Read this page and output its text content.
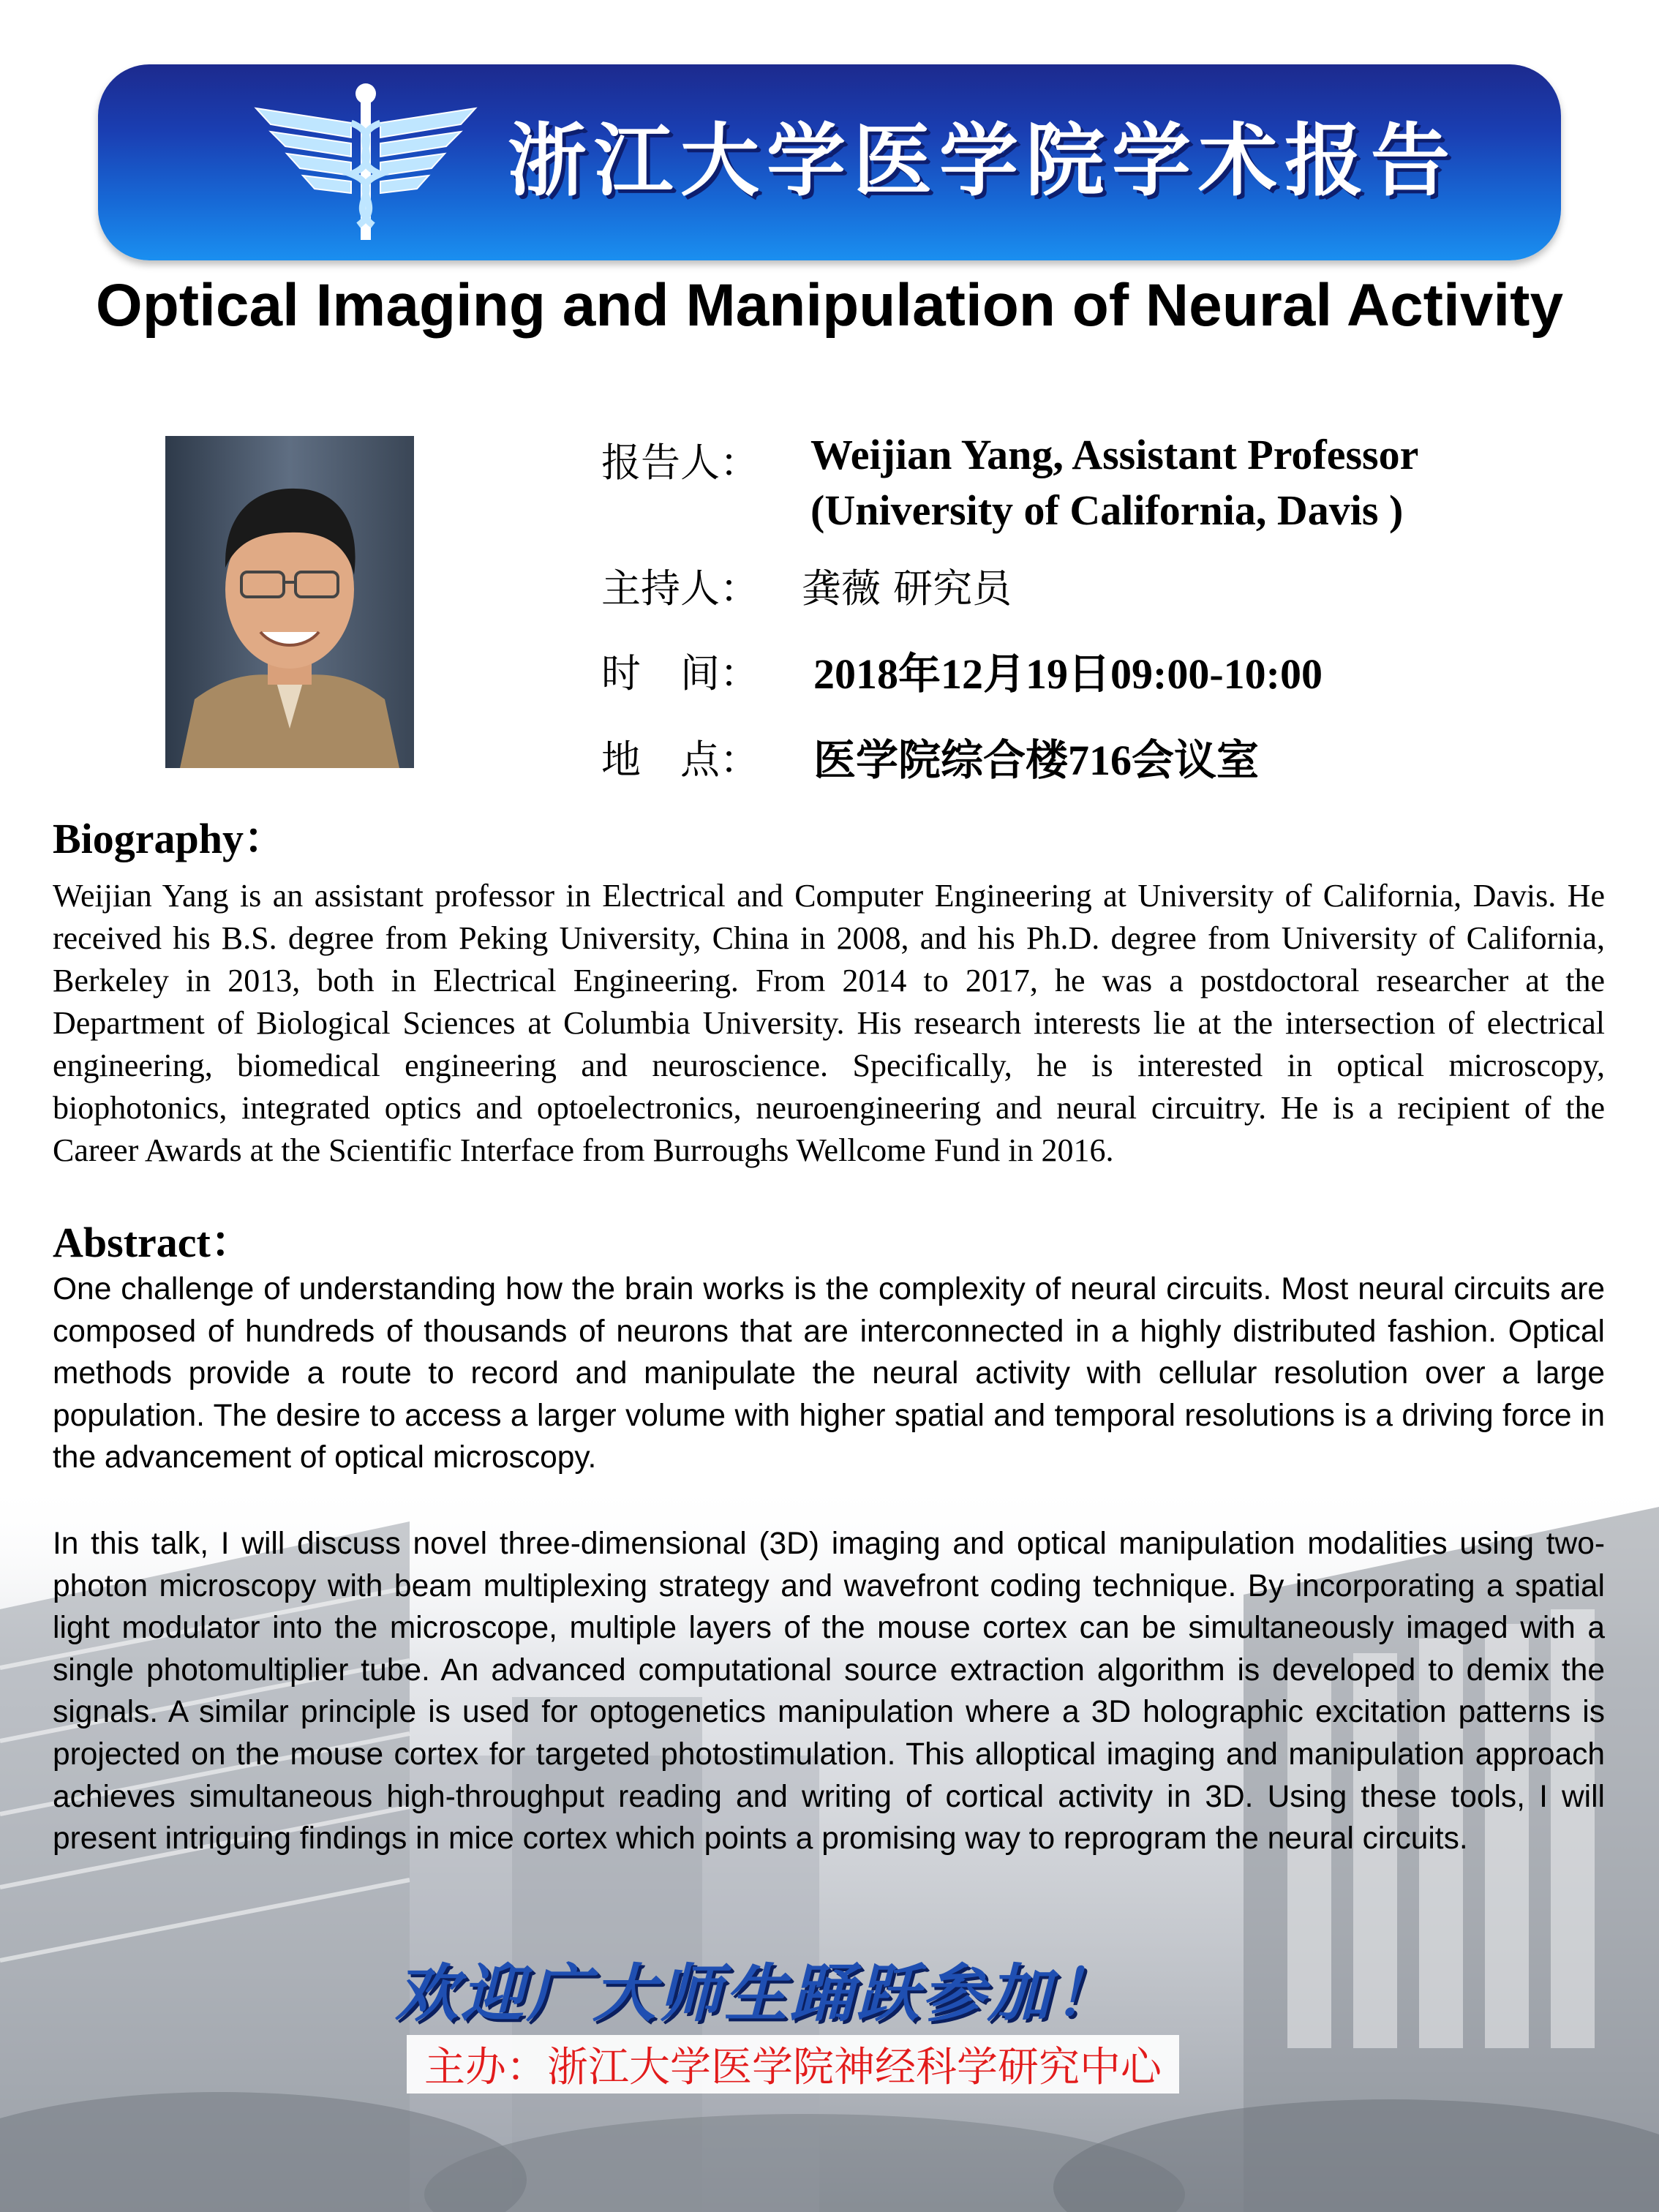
浙江大学医学院学术报告
Optical Imaging and Manipulation of Neural Activity
报告人： Weijian Yang, Assistant Professor
(University of California, Davis )
主持人： 龚薇 研究员
时　间： 2018年12月19日09:00-10:00
地　点： 医学院综合楼716会议室
Biography：
Weijian Yang is an assistant professor in Electrical and Computer Engineering at University of California, Davis. He received his B.S. degree from Peking University, China in 2008, and his Ph.D. degree from University of California, Berkeley in 2013, both in Electrical Engineering. From 2014 to 2017, he was a postdoctoral researcher at the Department of Biological Sciences at Columbia University. His research interests lie at the intersection of electrical engineering, biomedical engineering and neuroscience. Specifically, he is interested in optical microscopy, biophotonics, integrated optics and optoelectronics, neuroengineering and neural circuitry. He is a recipient of the Career Awards at the Scientific Interface from Burroughs Wellcome Fund in 2016.
Abstract：

One challenge of understanding how the brain works is the complexity of neural circuits. Most neural circuits are composed of hundreds of thousands of neurons that are interconnected in a highly distributed fashion. Optical methods provide a route to record and manipulate the neural activity with cellular resolution over a large population. The desire to access a larger volume with higher spatial and temporal resolutions is a driving force in the advancement of optical microscopy.

In this talk, I will discuss novel three-dimensional (3D) imaging and optical manipulation modalities using two-photon microscopy with beam multiplexing strategy and wavefront coding technique. By incorporating a spatial light modulator into the microscope, multiple layers of the mouse cortex can be simultaneously imaged with a single photomultiplier tube. An advanced computational source extraction algorithm is developed to demix the signals. A similar principle is used for optogenetics manipulation where a 3D holographic excitation patterns is projected on the mouse cortex for targeted photostimulation. This alloptical imaging and manipulation approach achieves simultaneous high-throughput reading and writing of cortical activity in 3D. Using these tools, I will present intriguing findings in mice cortex which points a promising way to reprogram the neural circuits.

欢迎广大师生踊跃参加！
主办：浙江大学医学院神经科学研究中心
